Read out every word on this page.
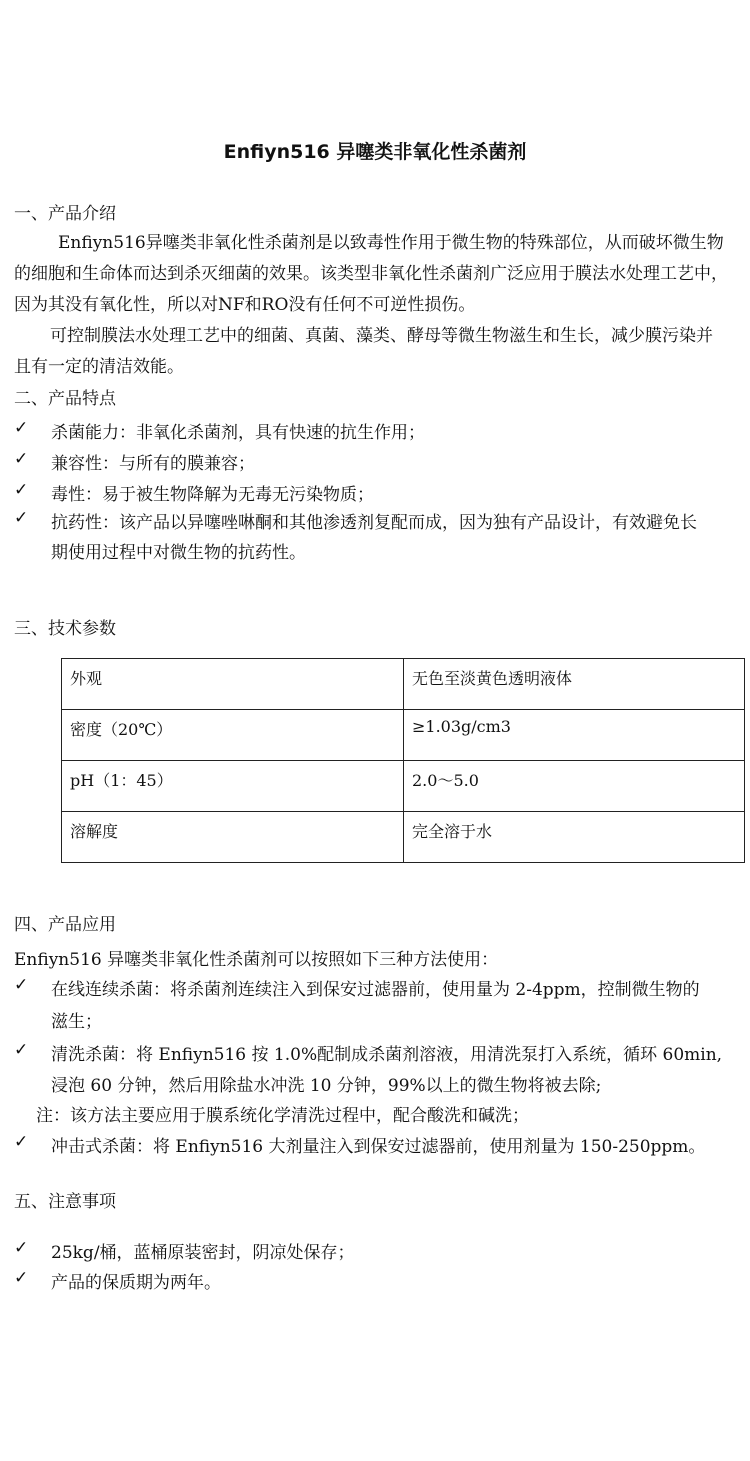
Enfiyn516 异噻类非氧化性杀菌剂
一、产品介绍
Enfiyn516异噻类非氧化性杀菌剂是以致毒性作用于微生物的特殊部位，从而破坏微生物
的细胞和生命体而达到杀灭细菌的效果。该类型非氧化性杀菌剂广泛应用于膜法水处理工艺中，
因为其没有氧化性，所以对NF和RO没有任何不可逆性损伤。
可控制膜法水处理工艺中的细菌、真菌、藻类、酵母等微生物滋生和生长，减少膜污染并
且有一定的清洁效能。
二、产品特点
✓ 杀菌能力：非氧化杀菌剂，具有快速的抗生作用；
✓ 兼容性：与所有的膜兼容；
✓ 毒性：易于被生物降解为无毒无污染物质；
✓ 抗药性：该产品以异噻唑啉酮和其他渗透剂复配而成，因为独有产品设计，有效避免长
期使用过程中对微生物的抗药性。
三、技术参数
外观	无色至淡黄色透明液体
密度（20℃）	≥1.03g/cm3
pH（1：45）	2.0～5.0
溶解度	完全溶于水
四、产品应用
Enfiyn516 异噻类非氧化性杀菌剂可以按照如下三种方法使用：
✓ 在线连续杀菌：将杀菌剂连续注入到保安过滤器前，使用量为 2-4ppm，控制微生物的
滋生；
✓ 清洗杀菌：将 Enfiyn516 按 1.0%配制成杀菌剂溶液，用清洗泵打入系统，循环 60min,
浸泡 60 分钟，然后用除盐水冲洗 10 分钟，99%以上的微生物将被去除;
注：该方法主要应用于膜系统化学清洗过程中，配合酸洗和碱洗；
✓ 冲击式杀菌：将 Enfiyn516 大剂量注入到保安过滤器前，使用剂量为 150-250ppm。
五、注意事项
✓ 25kg/桶，蓝桶原装密封，阴凉处保存；
✓ 产品的保质期为两年。
